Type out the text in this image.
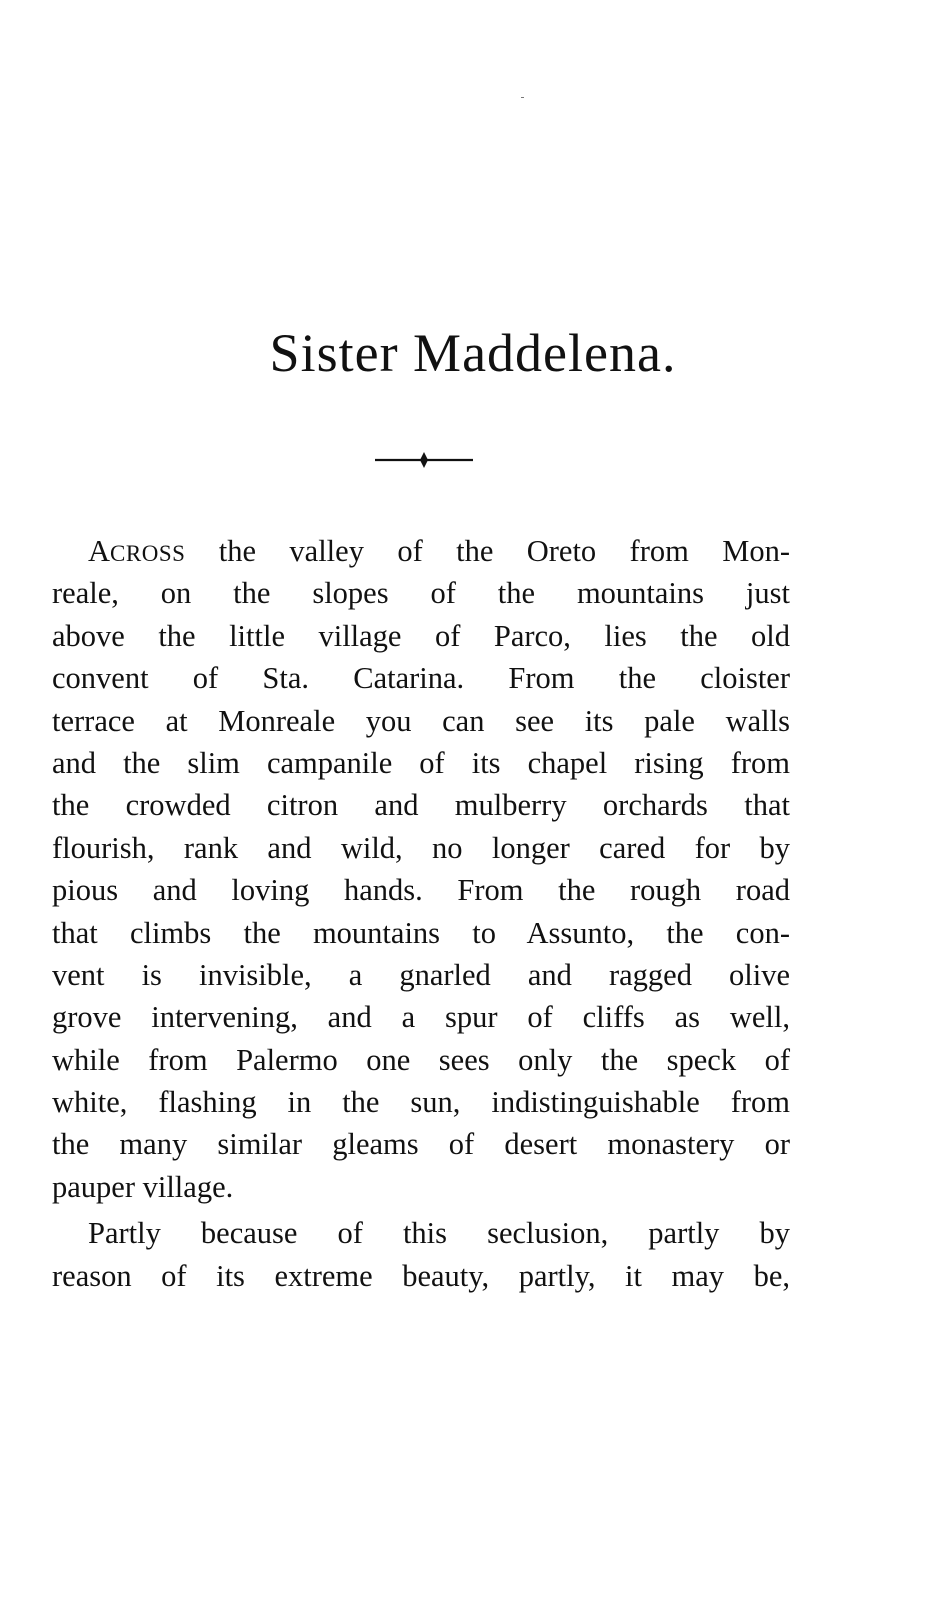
Sister Maddelena.
ACROSS the valley of the Oreto from Mon-
reale, on the slopes of the mountains just
above the little village of Parco, lies the old
convent of Sta. Catarina. From the cloister
terrace at Monreale you can see its pale walls
and the slim campanile of its chapel rising from
the crowded citron and mulberry orchards that
flourish, rank and wild, no longer cared for by
pious and loving hands. From the rough road
that climbs the mountains to Assunto, the con-
vent is invisible, a gnarled and ragged olive
grove intervening, and a spur of cliffs as well,
while from Palermo one sees only the speck of
white, flashing in the sun, indistinguishable from
the many similar gleams of desert monastery or
pauper village.
Partly because of this seclusion, partly by
reason of its extreme beauty, partly, it may be,
